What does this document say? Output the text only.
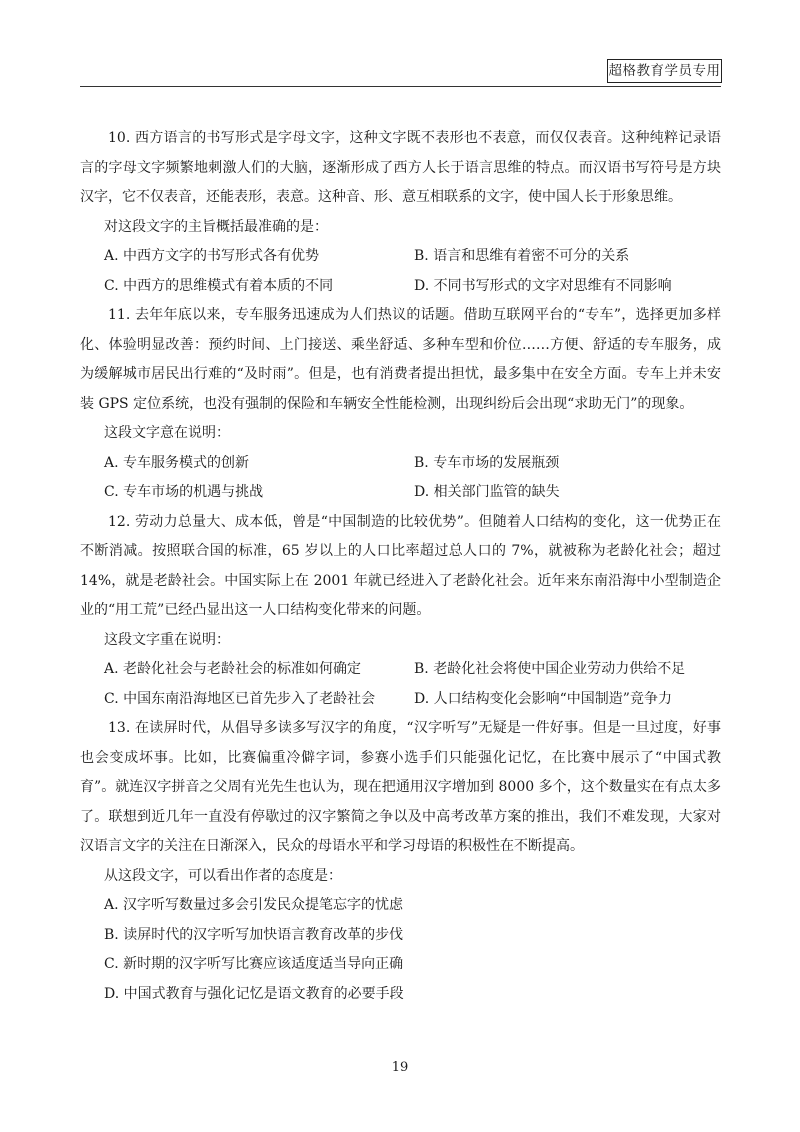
超格教育学员专用

10. 西方语言的书写形式是字母文字，这种文字既不表形也不表意，而仅仅表音。这种纯粹记录语言的字母文字频繁地刺激人们的大脑，逐渐形成了西方人长于语言思维的特点。而汉语书写符号是方块汉字，它不仅表音，还能表形，表意。这种音、形、意互相联系的文字，使中国人长于形象思维。

对这段文字的主旨概括最准确的是：

A. 中西方文字的书写形式各有优势	B. 语言和思维有着密不可分的关系
C. 中西方的思维模式有着本质的不同	D. 不同书写形式的文字对思维有不同影响

11. 去年年底以来，专车服务迅速成为人们热议的话题。借助互联网平台的“专车”，选择更加多样化、体验明显改善：预约时间、上门接送、乘坐舒适、多种车型和价位……方便、舒适的专车服务，成为缓解城市居民出行难的“及时雨”。但是，也有消费者提出担忧，最多集中在安全方面。专车上并未安装 GPS 定位系统，也没有强制的保险和车辆安全性能检测，出现纠纷后会出现“求助无门”的现象。

这段文字意在说明：

A. 专车服务模式的创新	B. 专车市场的发展瓶颈
C. 专车市场的机遇与挑战	D. 相关部门监管的缺失

12. 劳动力总量大、成本低，曾是“中国制造的比较优势”。但随着人口结构的变化，这一优势正在不断消减。按照联合国的标准，65 岁以上的人口比率超过总人口的 7%，就被称为老龄化社会；超过 14%，就是老龄社会。中国实际上在 2001 年就已经进入了老龄化社会。近年来东南沿海中小型制造企业的“用工荒”已经凸显出这一人口结构变化带来的问题。

这段文字重在说明：

A. 老龄化社会与老龄社会的标准如何确定	B. 老龄化社会将使中国企业劳动力供给不足
C. 中国东南沿海地区已首先步入了老龄社会	D. 人口结构变化会影响“中国制造”竞争力

13. 在读屏时代，从倡导多读多写汉字的角度，“汉字听写”无疑是一件好事。但是一旦过度，好事也会变成坏事。比如，比赛偏重冷僻字词，参赛小选手们只能强化记忆，在比赛中展示了“中国式教育”。就连汉字拼音之父周有光先生也认为，现在把通用汉字增加到 8000 多个，这个数量实在有点太多了。联想到近几年一直没有停歇过的汉字繁简之争以及中高考改革方案的推出，我们不难发现，大家对汉语言文字的关注在日渐深入，民众的母语水平和学习母语的积极性在不断提高。

从这段文字，可以看出作者的态度是：

A. 汉字听写数量过多会引发民众提笔忘字的忧虑
B. 读屏时代的汉字听写加快语言教育改革的步伐
C. 新时期的汉字听写比赛应该适度适当导向正确
D. 中国式教育与强化记忆是语文教育的必要手段
19
